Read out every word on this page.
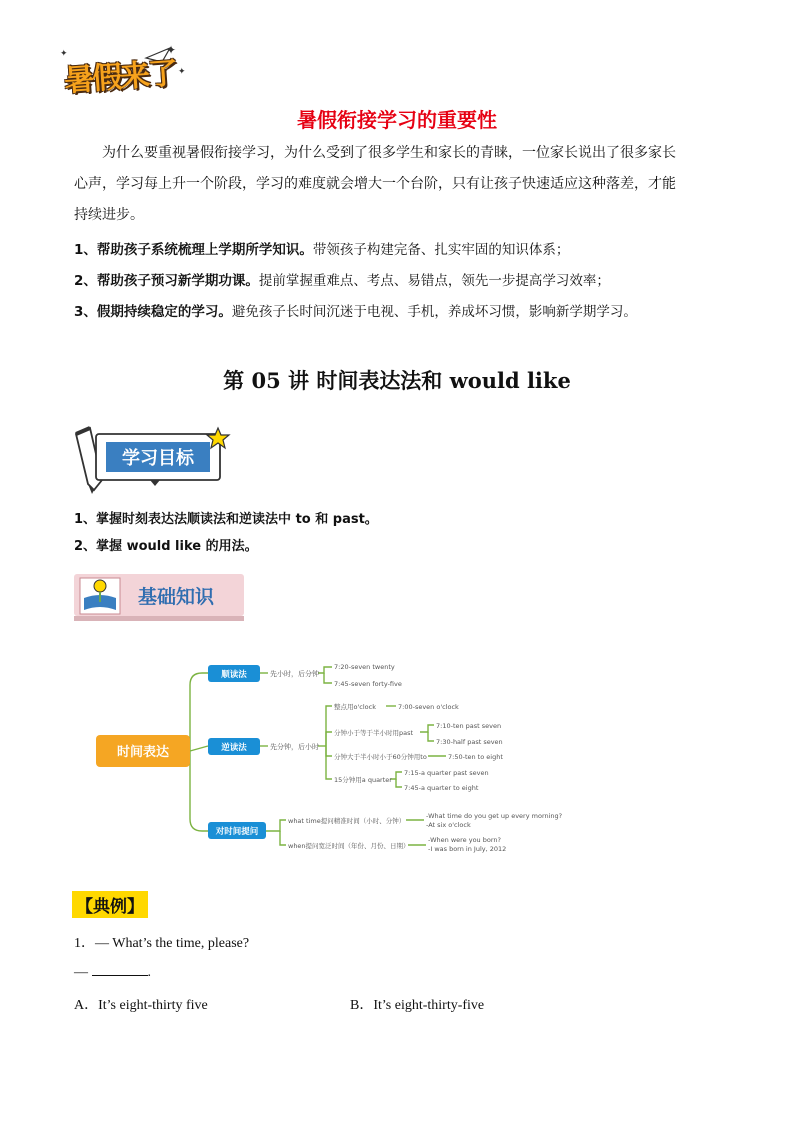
✦
✦
✦
暑假来了
暑假衔接学习的重要性
为什么要重视暑假衔接学习，为什么受到了很多学生和家长的青睐，一位家长说出了很多家长
心声，学习每上升一个阶段，学习的难度就会增大一个台阶，只有让孩子快速适应这种落差，才能
持续进步。
1、帮助孩子系统梳理上学期所学知识。带领孩子构建完备、扎实牢固的知识体系；
2、帮助孩子预习新学期功课。提前掌握重难点、考点、易错点，领先一步提高学习效率；
3、假期持续稳定的学习。避免孩子长时间沉迷于电视、手机，养成坏习惯，影响新学期学习。
第 05 讲 时间表达法和 would like
学习目标
1、掌握时刻表达法顺读法和逆读法中 to 和 past。
2、掌握 would like 的用法。
基础知识
时间表达
顺读法	先小时，后分钟
7:20-seven twenty
7:45-seven forty-five
逆读法	先分钟，后小时
整点用o'clock	7:00-seven o'clock
分钟小于等于半小时用past
7:10-ten past seven
7:30-half past seven
分钟大于半小时小于60分钟用to	7:50-ten to eight
15分钟用a quarter
7:15-a quarter past seven
7:45-a quarter to eight
对时间提问
what time提问精准时间（小时、分钟）
-What time do you get up every morning?
-At six o'clock
when提问宽泛时间（年份、月份、日期）
-When were you born?
-I was born in July, 2012
【典例】
1．— What’s the time, please?
—	.
A．It’s eight-thirty five	B．It’s eight-thirty-five
